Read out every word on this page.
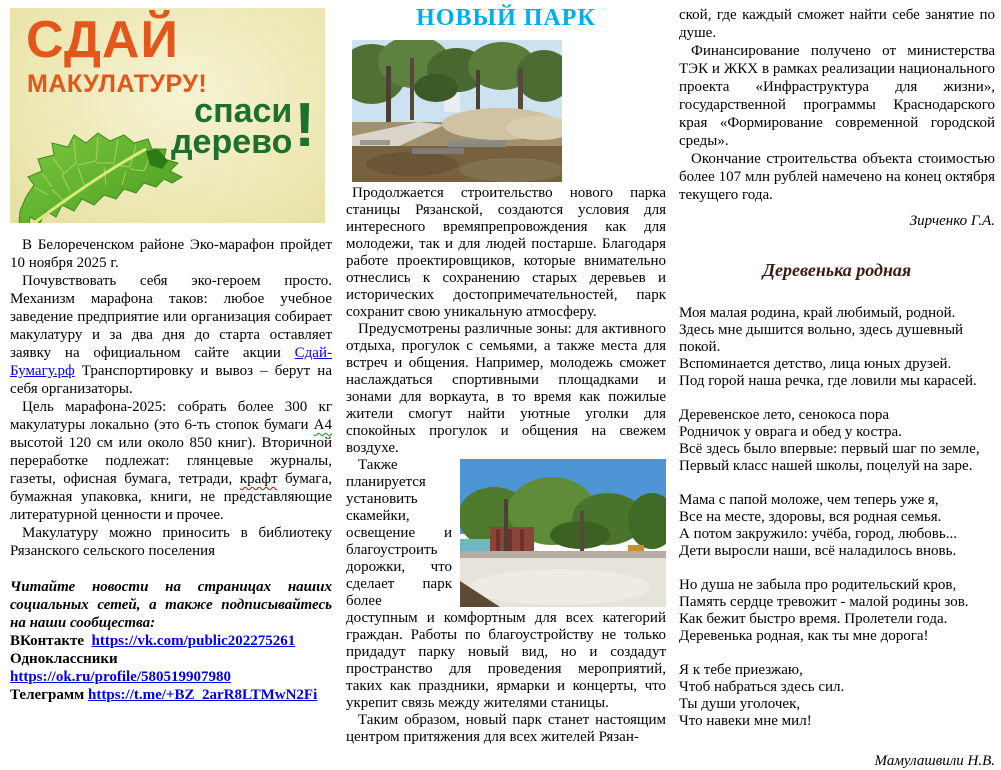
СДАЙ
МАКУЛАТУРУ!
спаси
дерево !

В Белореченском районе Эко-марафон пройдет 10 ноября 2025 г.

Почувствовать себя эко-героем просто. Механизм марафона таков: любое учебное заведение предприятие или организация собирает макулатуру и за два дня до старта оставляет заявку на официальном сайте акции Сдай-Бумагу.рф Транспортировку и вывоз – берут на себя организаторы.

Цель марафона-2025: собрать более 300 кг макулатуры локально (это 6-ть стопок бумаги А4 высотой 120 см или около 850 книг). Вторичной переработке подлежат: глянцевые журналы, газеты, офисная бумага, тетради, крафт бумага, бумажная упаковка, книги, не представляющие литературной ценности и прочее.

Макулатуру можно приносить в библиотеку Рязанского сельского поселения

Читайте новости на страницах наших социальных сетей, а также подписывайтесь на наши сообщества:

ВКонтакте https://vk.com/public202275261

Одноклассники

https://ok.ru/profile/580519907980

Телеграмм https://t.me/+BZ_2arR8LTMwN2Fi

НОВЫЙ ПАРК

Продолжается строительство нового парка станицы Рязанской, создаются условия для интересного времяпрепровождения как для молодежи, так и для людей постарше. Благодаря работе проектировщиков, которые внимательно отнеслись к сохранению старых деревьев и исторических достопримечательностей, парк сохранит свою уникальную атмосферу.

Предусмотрены различные зоны: для активного отдыха, прогулок с семьями, а также места для встреч и общения. Например, молодежь сможет наслаждаться спортивными площадками и зонами для воркаута, в то время как пожилые жители смогут найти уютные уголки для спокойных прогулок и общения на свежем воздухе.

Также планируется установить скамейки, освещение и благоустроить дорожки, что сделает парк более доступным и комфортным для всех категорий граждан. Работы по благоустройству не только придадут парку новый вид, но и создадут пространство для проведения мероприятий, таких как праздники, ярмарки и концерты, что укрепит связь между жителями станицы.

Таким образом, новый парк станет настоящим центром притяжения для всех жителей Рязан-

ской, где каждый сможет найти себе занятие по душе.

Финансирование получено от министерства ТЭК и ЖКХ в рамках реализации национального проекта «Инфраструктура для жизни», государственной программы Краснодарского края «Формирование современной городской среды».

Окончание строительства объекта стоимостью более 107 млн рублей намечено на конец октября текущего года.

Зирченко Г.А.
Деревенька родная
Моя малая родина, край любимый, родной.
Здесь мне дышится вольно, здесь душевный покой.
Вспоминается детство, лица юных друзей.
Под горой наша речка, где ловили мы карасей.
Деревенское лето, сенокоса пора
Родничок у оврага и обед у костра.
Всё здесь было впервые: первый шаг по земле,
Первый класс нашей школы, поцелуй на заре.
Мама с папой моложе, чем теперь уже я,
Все на месте, здоровы, вся родная семья.
А потом закружило: учёба, город, любовь...
Дети выросли наши, всё наладилось вновь.
Но душа не забыла про родительский кров,
Память сердце тревожит - малой родины зов.
Как бежит быстро время. Пролетели года.
Деревенька родная, как ты мне дорога!
Я к тебе приезжаю,
Чтоб набраться здесь сил.
Ты души уголочек,
Что навеки мне мил!
Мамулашвили Н.В.
